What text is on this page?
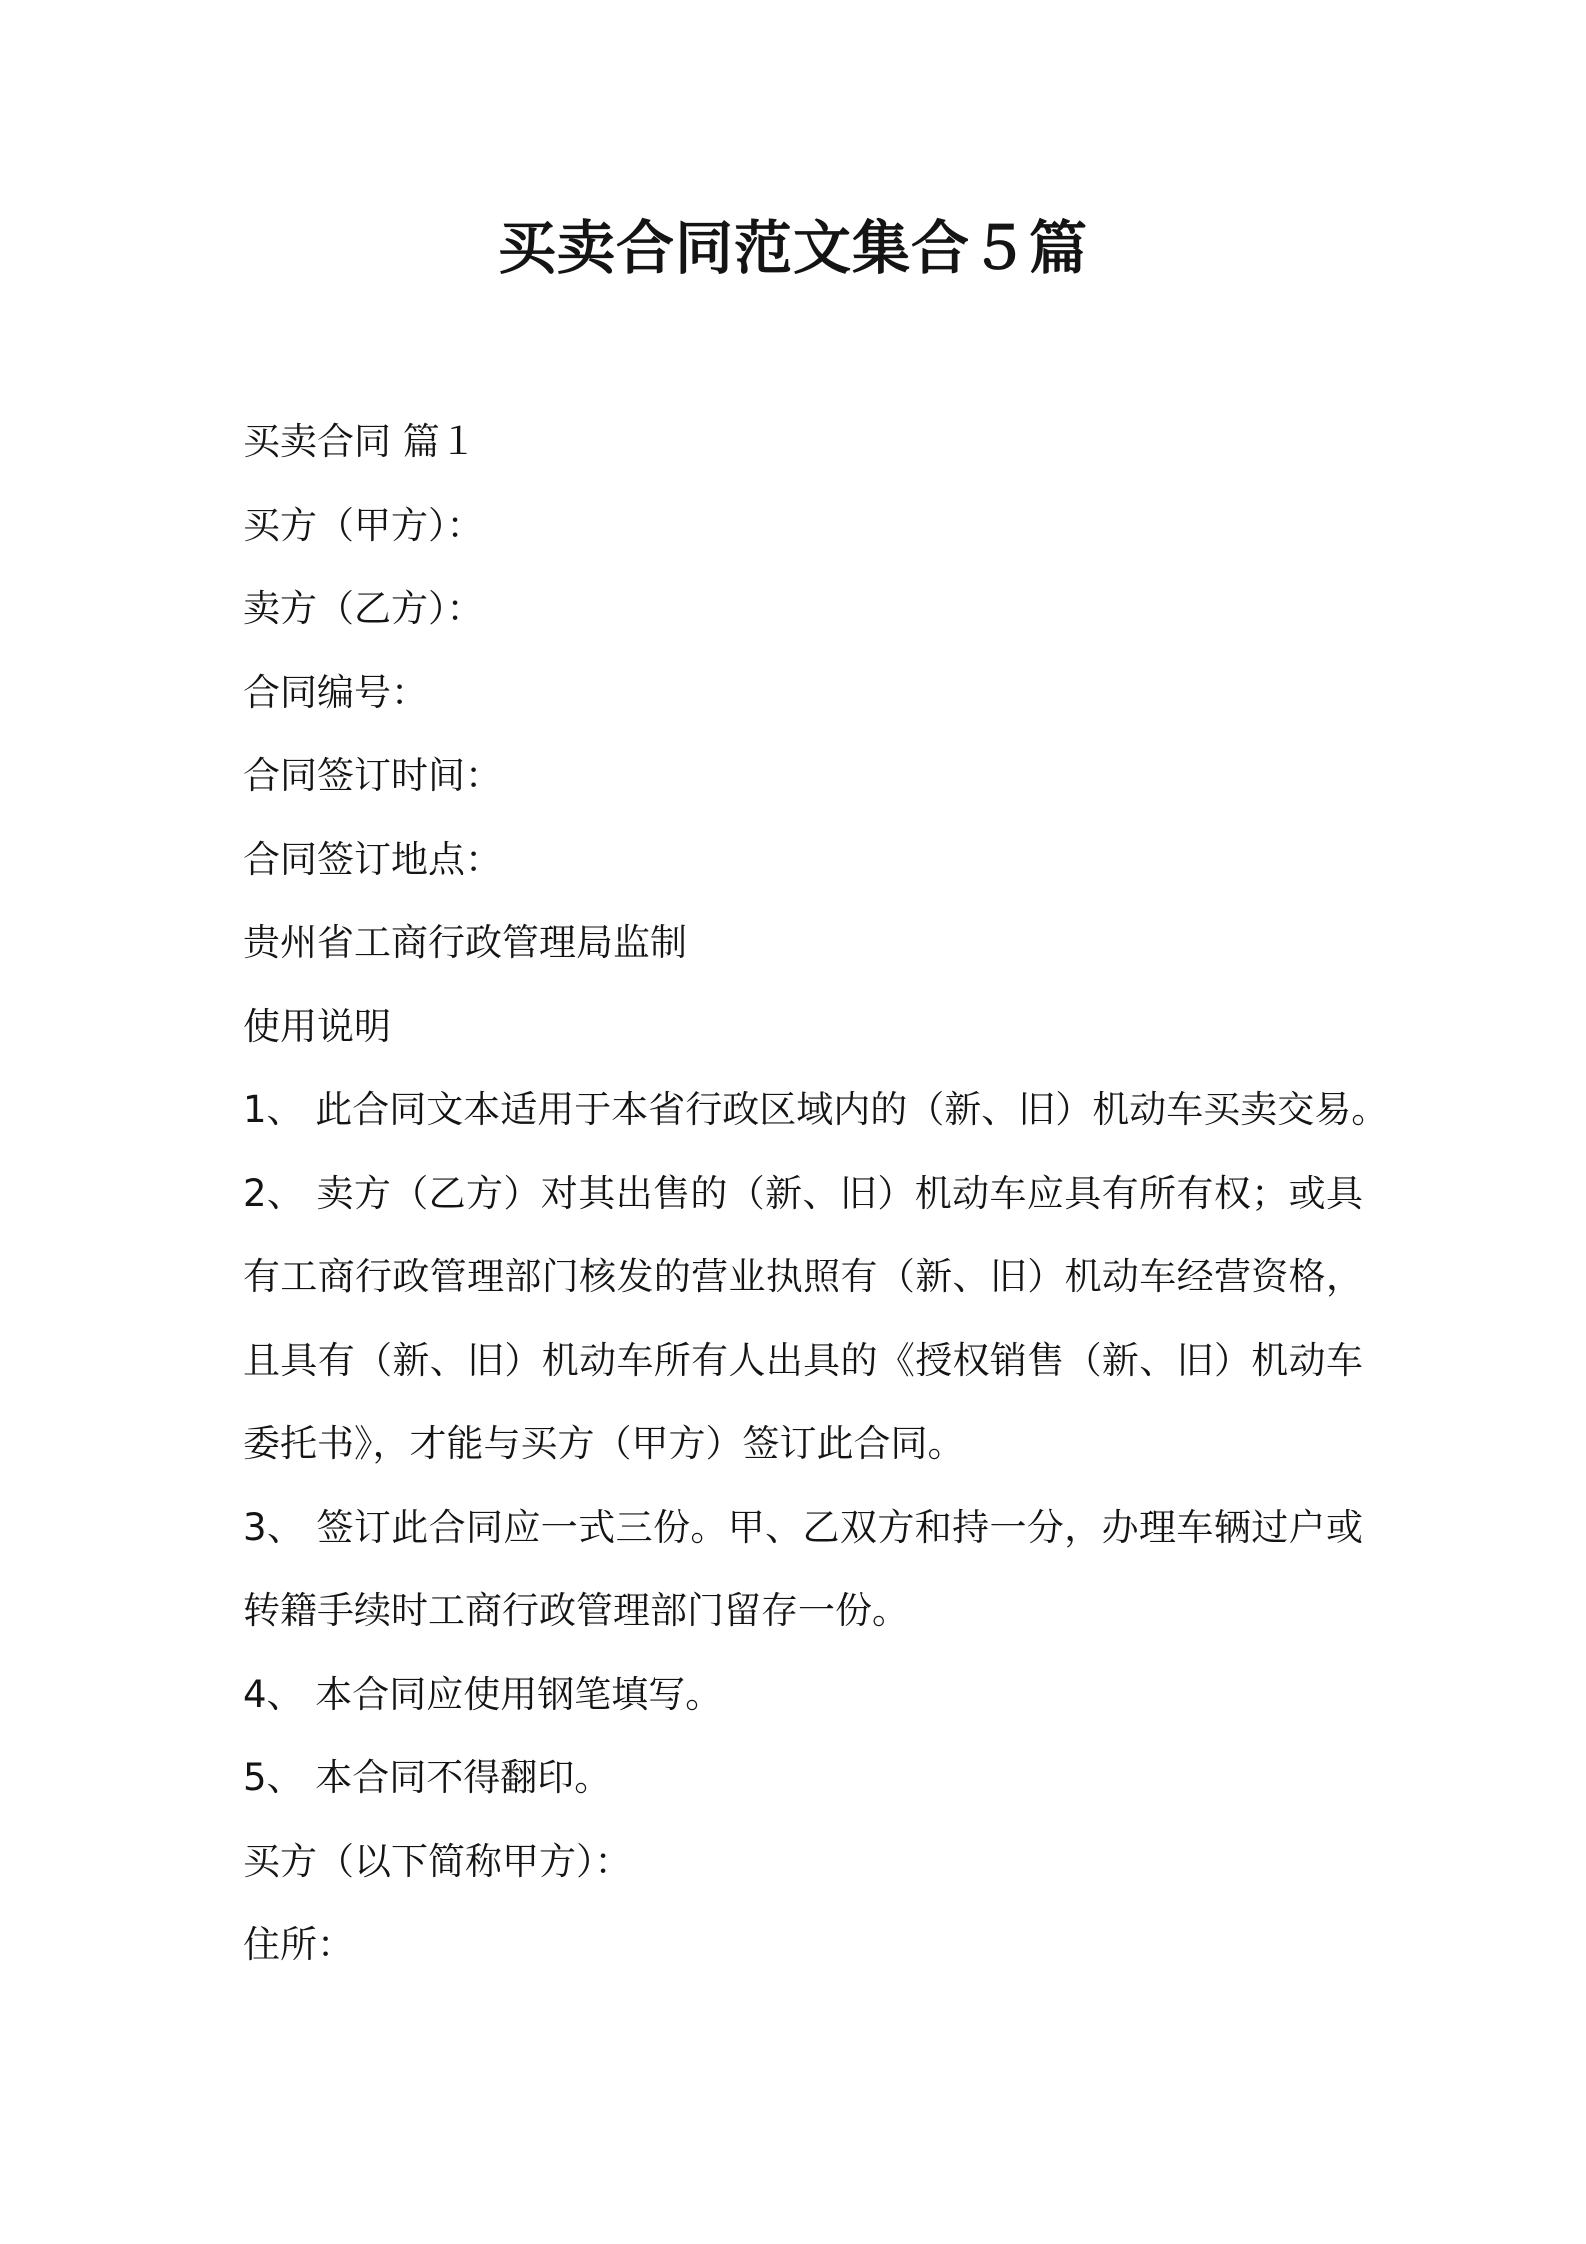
买卖合同范文集合５篇

买卖合同 篇１

买方（甲方）：

卖方（乙方）：

合同编号：

合同签订时间：

合同签订地点：

贵州省工商行政管理局监制

使用说明

1、 此合同文本适用于本省行政区域内的（新、旧）机动车买卖交易。

2、 卖方（乙方）对其出售的（新、旧）机动车应具有所有权；或具

有工商行政管理部门核发的营业执照有（新、旧）机动车经营资格，

且具有（新、旧）机动车所有人出具的《授权销售（新、旧）机动车

委托书》，才能与买方（甲方）签订此合同。

3、 签订此合同应一式三份。甲、乙双方和持一分，办理车辆过户或

转籍手续时工商行政管理部门留存一份。

4、 本合同应使用钢笔填写。

5、 本合同不得翻印。

买方（以下简称甲方）：

住所：
